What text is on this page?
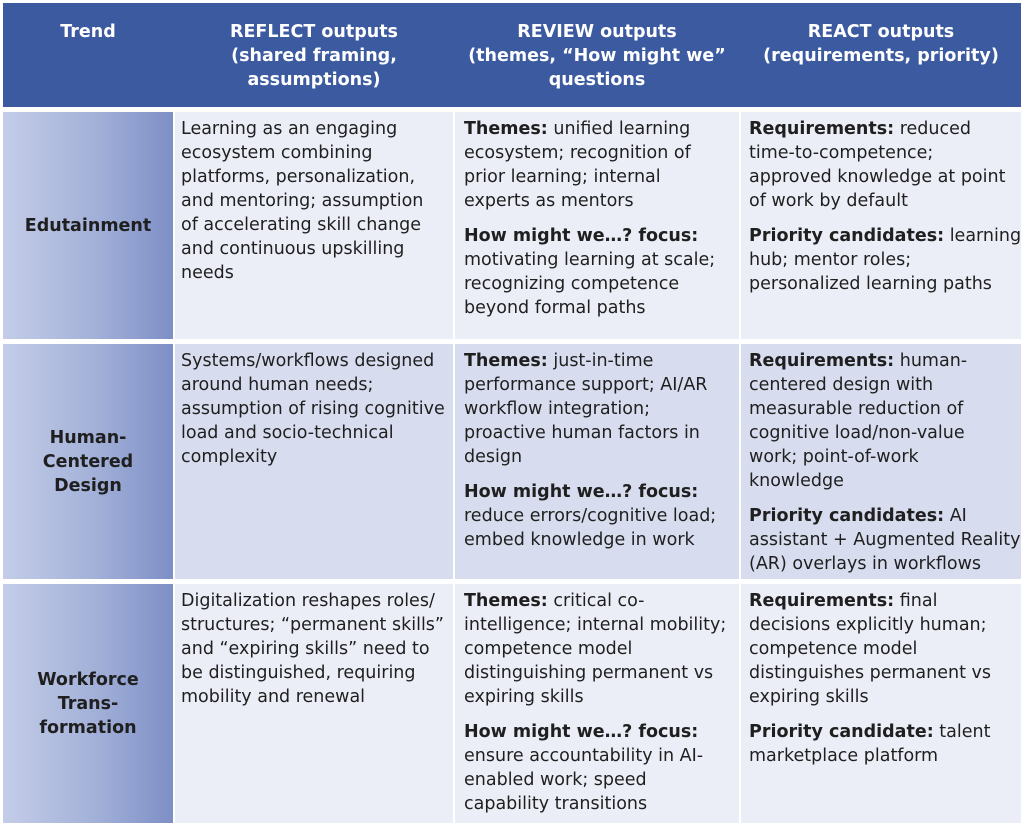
Trend	REFLECT outputs
(shared framing,
assumptions)
REVIEW outputs
(themes, “How might we”
questions
REACT outputs
(requirements, priority)
Edutainment
Learning as an engaging
ecosystem combining
platforms, personalization,
and mentoring; assumption
of accelerating skill change
and continuous upskilling
needs
Themes: unified learning
ecosystem; recognition of
prior learning; internal
experts as mentors
How might we…? focus:
motivating learning at scale;
recognizing competence
beyond formal paths
Requirements: reduced
time-to-competence;
approved knowledge at point
of work by default
Priority candidates: learning
hub; mentor roles;
personalized learning paths
Human-
Centered
Design
Systems/workflows designed
around human needs;
assumption of rising cognitive
load and socio-technical
complexity
Themes: just-in-time
performance support; AI/AR
workflow integration;
proactive human factors in
design
How might we…? focus:
reduce errors/cognitive load;
embed knowledge in work
Requirements: human-
centered design with
measurable reduction of
cognitive load/non-value
work; point-of-work
knowledge
Priority candidates: AI
assistant + Augmented Reality
(AR) overlays in workflows
Workforce
Trans-
formation
Digitalization reshapes roles/
structures; “permanent skills”
and “expiring skills” need to
be distinguished, requiring
mobility and renewal
Themes: critical co-
intelligence; internal mobility;
competence model
distinguishing permanent vs
expiring skills
How might we…? focus:
ensure accountability in AI-
enabled work; speed
capability transitions
Requirements: final
decisions explicitly human;
competence model
distinguishes permanent vs
expiring skills
Priority candidate: talent
marketplace platform
